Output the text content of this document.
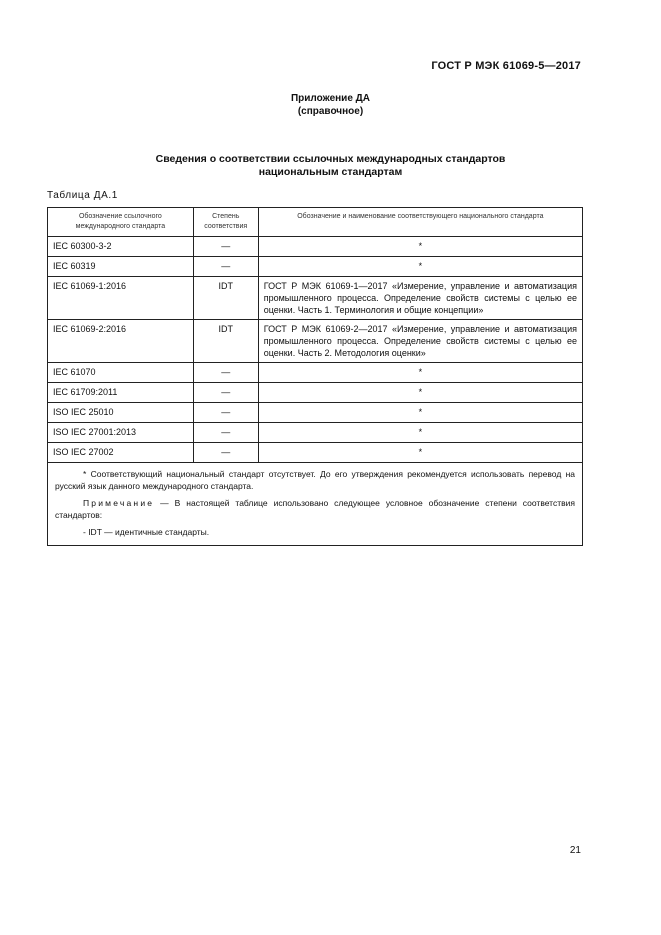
ГОСТ Р МЭК 61069-5—2017
Приложение ДА
(справочное)
Сведения о соответствии ссылочных международных стандартов
национальным стандартам
Таблица ДА.1
Обозначение ссылочного международного стандарта	Степень соответствия	Обозначение и наименование соответствующего национального стандарта
IEC 60300-3-2	—	*
IEC 60319	—	*
IEC 61069-1:2016	IDT	ГОСТ Р МЭК 61069-1—2017 «Измерение, управление и автоматизация промышленного процесса. Определение свойств системы с целью ее оценки. Часть 1. Терминология и общие концепции»
IEC 61069-2:2016	IDT	ГОСТ Р МЭК 61069-2—2017 «Измерение, управление и автоматизация промышленного процесса. Определение свойств системы с целью ее оценки. Часть 2. Методология оценки»
IEC 61070	—	*
IEC 61709:2011	—	*
ISO IEC 25010	—	*
ISO IEC 27001:2013	—	*
ISO IEC 27002	—	*

* Соответствующий национальный стандарт отсутствует. До его утверждения рекомендуется использовать перевод на русский язык данного международного стандарта.
Примечание — В настоящей таблице использовано следующее условное обозначение степени соответствия стандартов:
- IDT — идентичные стандарты.		
21
